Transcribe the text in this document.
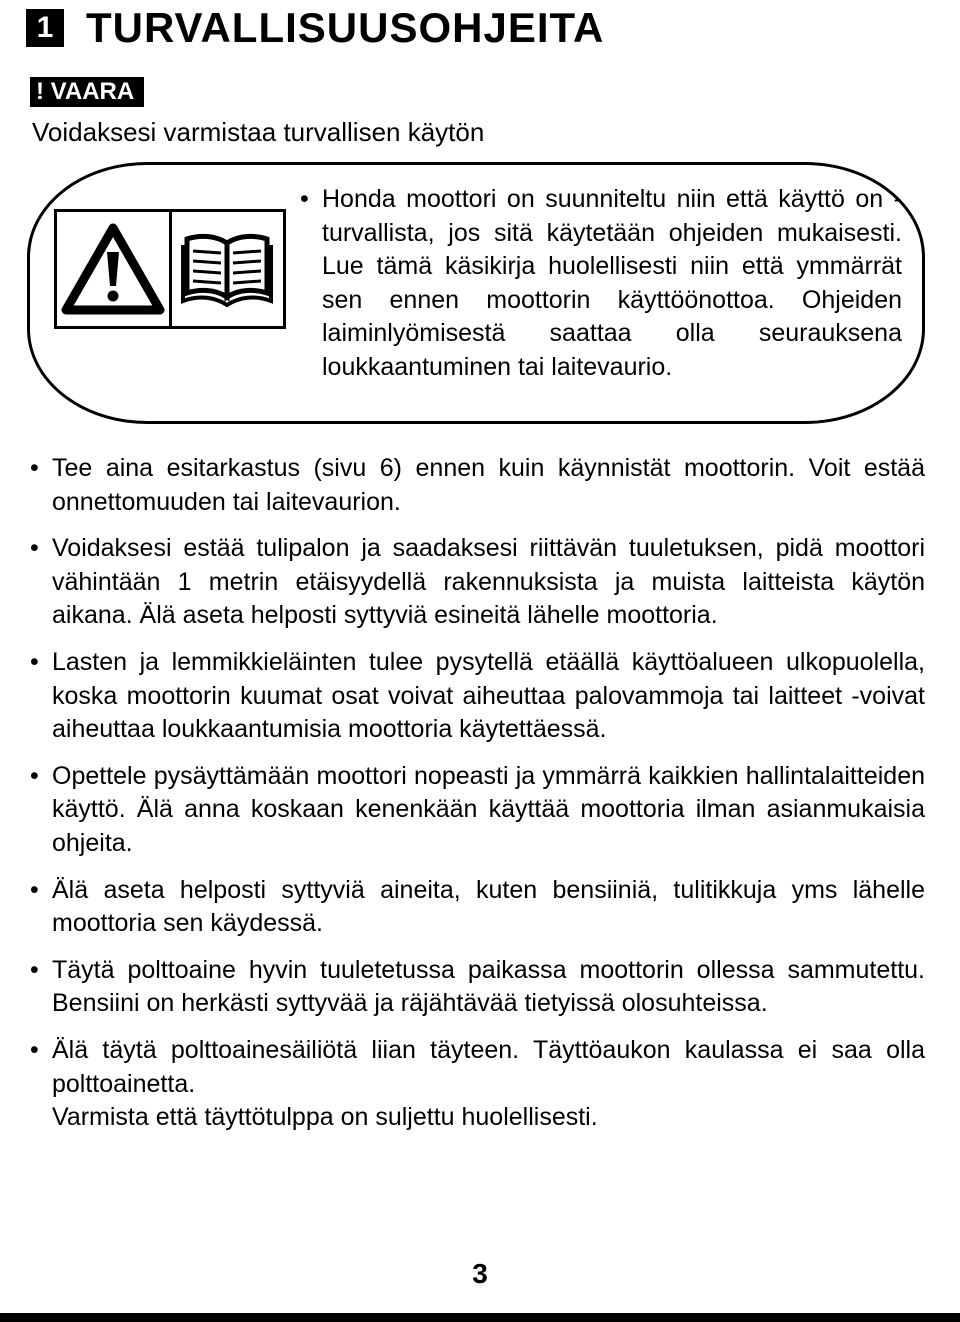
1 TURVALLISUUSOHJEITA
! VAARA
Voidaksesi varmistaa turvallisen käytön
• Honda moottori on suunniteltu niin että käyttö on -turvallista, jos sitä käytetään ohjeiden mukaisesti. Lue tämä käsikirja huolellisesti niin että ymmärrät sen ennen moottorin käyttöönottoa. Ohjeiden laiminlyömisestä saattaa olla seurauksena loukkaantuminen tai laitevaurio.
• Tee aina esitarkastus (sivu 6) ennen kuin käynnistät moottorin. Voit estää onnettomuuden tai laitevaurion.
• Voidaksesi estää tulipalon ja saadaksesi riittävän tuuletuksen, pidä moottori vähintään 1 metrin etäisyydellä rakennuksista ja muista laitteista käytön aikana. Älä aseta helposti syttyviä esineitä lähelle moottoria.
• Lasten ja lemmikkieläinten tulee pysytellä etäällä käyttöalueen ulkopuolella, koska moottorin kuumat osat voivat aiheuttaa palovammoja tai laitteet -voivat aiheuttaa loukkaantumisia moottoria käytettäessä.
• Opettele pysäyttämään moottori nopeasti ja ymmärrä kaikkien hallintalaitteiden käyttö. Älä anna koskaan kenenkään käyttää moottoria ilman asianmukaisia ohjeita.
• Älä aseta helposti syttyviä aineita, kuten bensiiniä, tulitikkuja yms lähelle moottoria sen käydessä.
• Täytä polttoaine hyvin tuuletetussa paikassa moottorin ollessa sammutettu. Bensiini on herkästi syttyvää ja räjähtävää tietyissä olosuhteissa.
• Älä täytä polttoainesäiliötä liian täyteen. Täyttöaukon kaulassa ei saa olla polttoainetta.
Varmista että täyttötulppa on suljettu huolellisesti.
3
